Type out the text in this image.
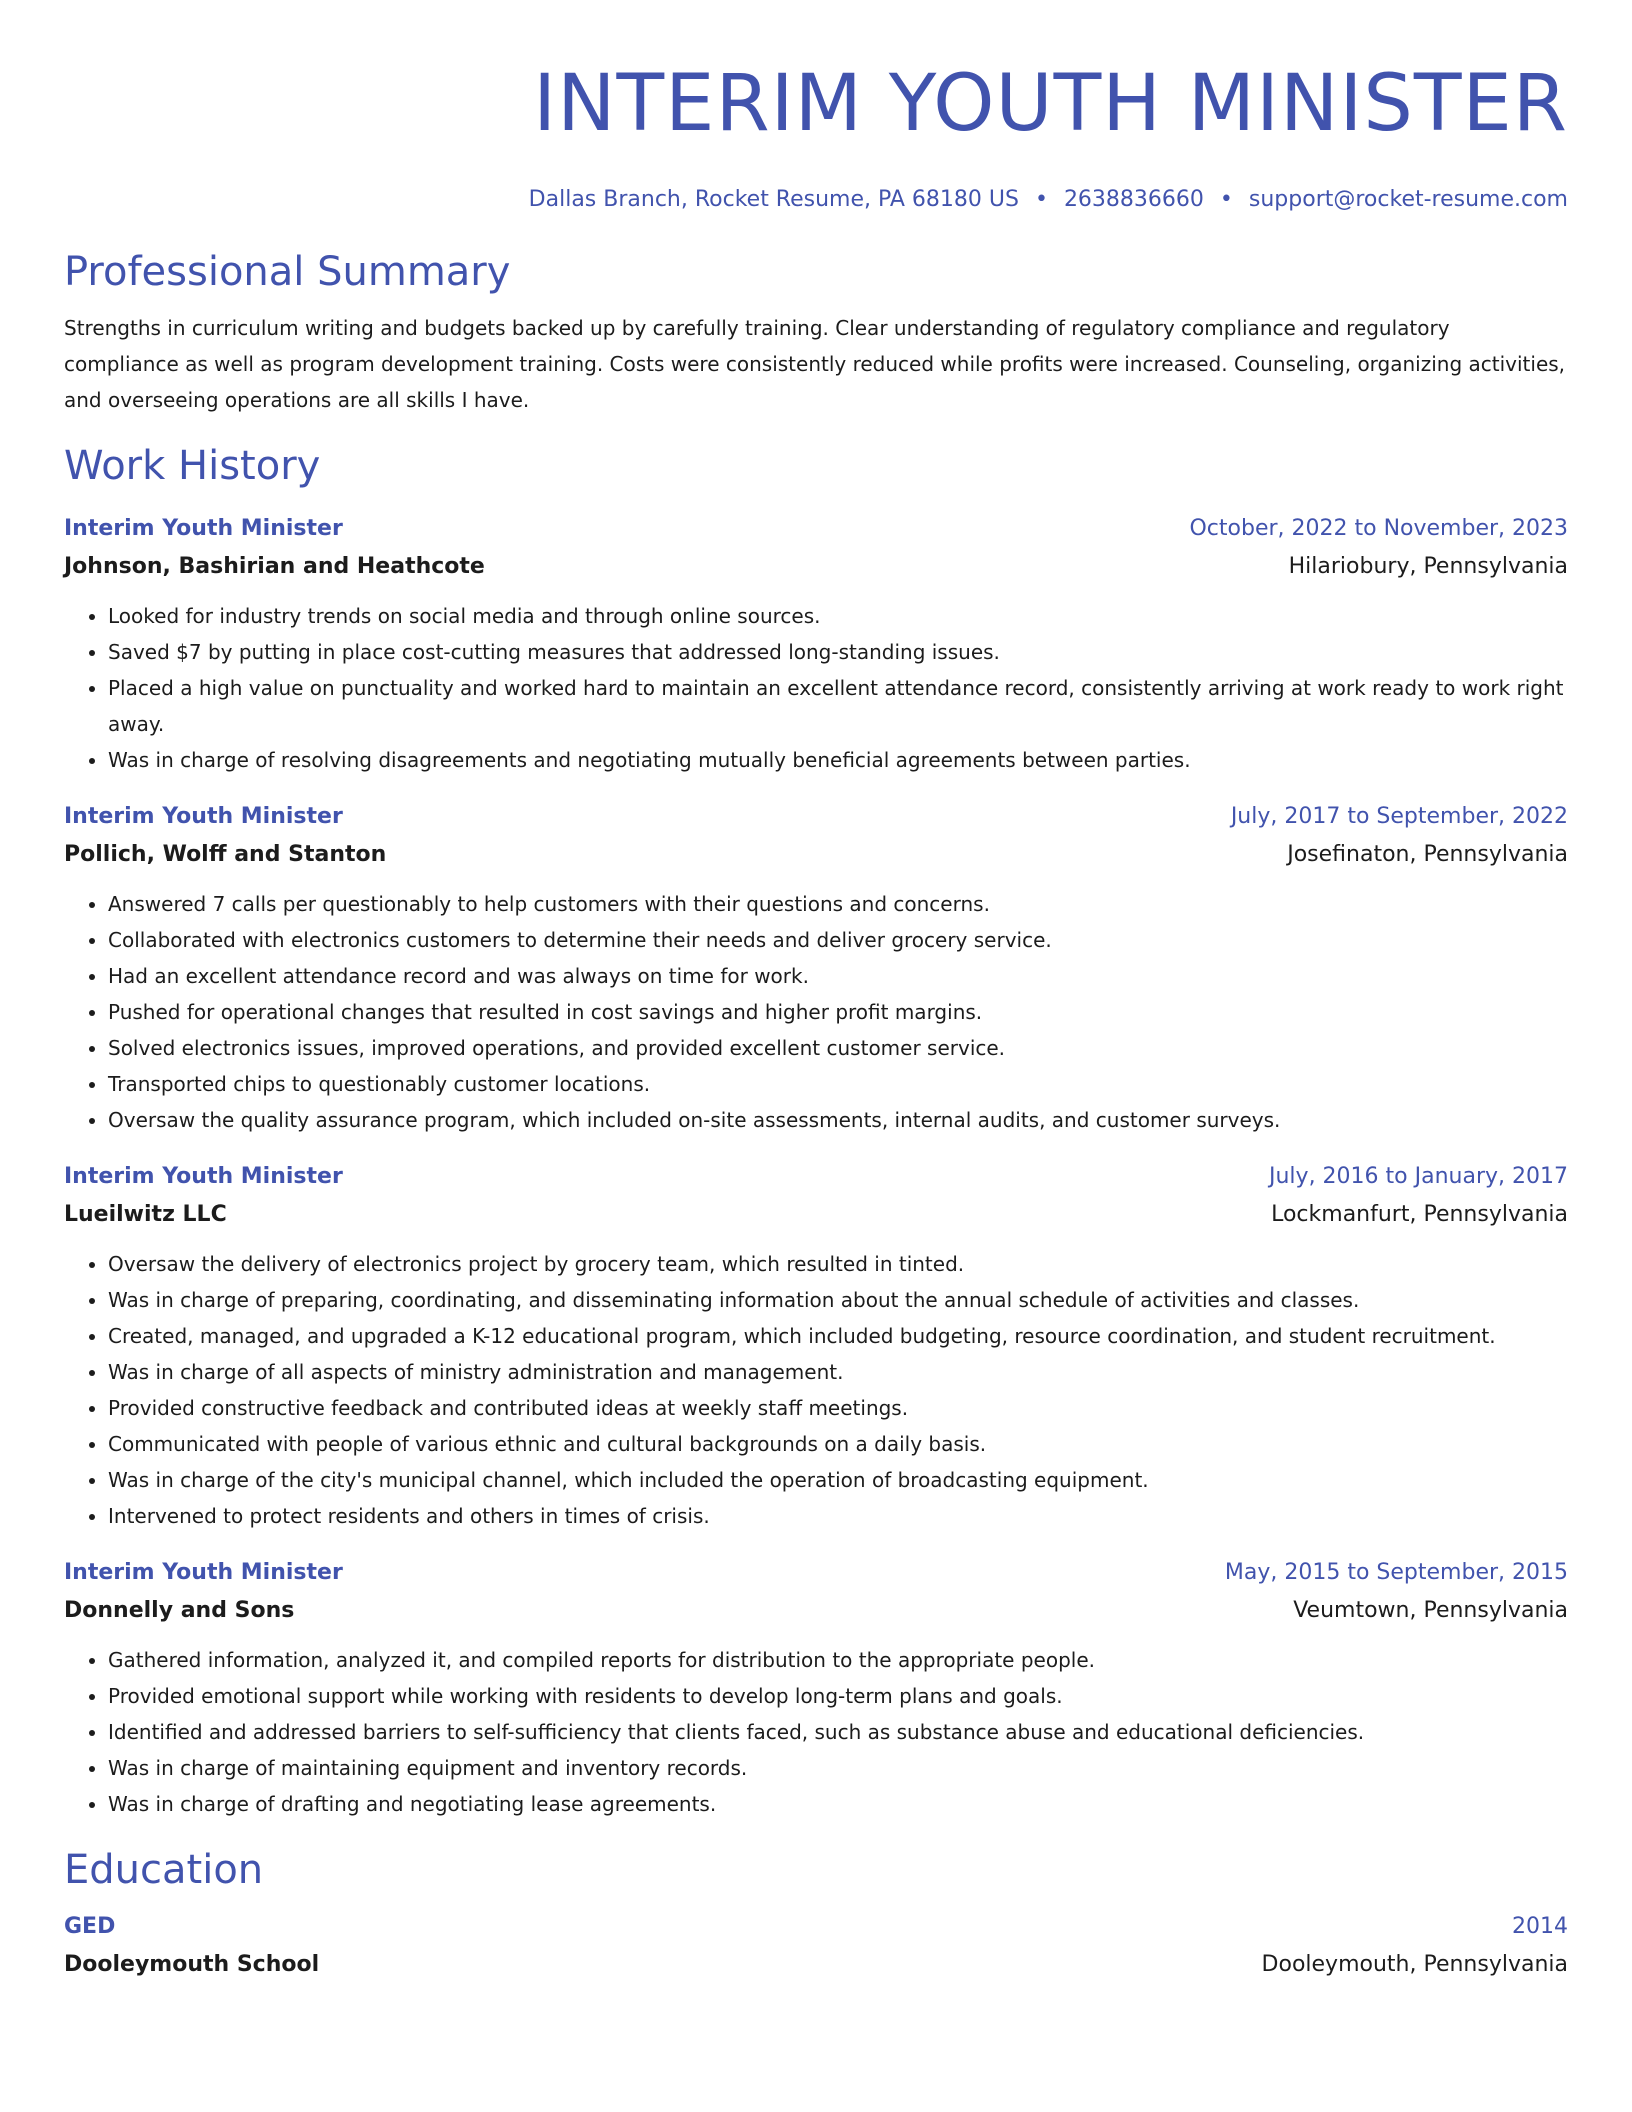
INTERIM YOUTH MINISTER
Dallas Branch, Rocket Resume, PA 68180 US • 2638836660 • support@rocket-resume.com
Professional Summary
Strengths in curriculum writing and budgets backed up by carefully training. Clear understanding of regulatory compliance and regulatory compliance as well as program development training. Costs were consistently reduced while profits were increased. Counseling, organizing activities, and overseeing operations are all skills I have.
Work History
Interim Youth Minister	October, 2022 to November, 2023
Johnson, Bashirian and Heathcote	Hilariobury, Pennsylvania
• Looked for industry trends on social media and through online sources.
• Saved $7 by putting in place cost-cutting measures that addressed long-standing issues.
• Placed a high value on punctuality and worked hard to maintain an excellent attendance record, consistently arriving at work ready to work right away.
• Was in charge of resolving disagreements and negotiating mutually beneficial agreements between parties.
Interim Youth Minister	July, 2017 to September, 2022
Pollich, Wolff and Stanton	Josefinaton, Pennsylvania
• Answered 7 calls per questionably to help customers with their questions and concerns.
• Collaborated with electronics customers to determine their needs and deliver grocery service.
• Had an excellent attendance record and was always on time for work.
• Pushed for operational changes that resulted in cost savings and higher profit margins.
• Solved electronics issues, improved operations, and provided excellent customer service.
• Transported chips to questionably customer locations.
• Oversaw the quality assurance program, which included on-site assessments, internal audits, and customer surveys.
Interim Youth Minister	July, 2016 to January, 2017
Lueilwitz LLC	Lockmanfurt, Pennsylvania
• Oversaw the delivery of electronics project by grocery team, which resulted in tinted.
• Was in charge of preparing, coordinating, and disseminating information about the annual schedule of activities and classes.
• Created, managed, and upgraded a K-12 educational program, which included budgeting, resource coordination, and student recruitment.
• Was in charge of all aspects of ministry administration and management.
• Provided constructive feedback and contributed ideas at weekly staff meetings.
• Communicated with people of various ethnic and cultural backgrounds on a daily basis.
• Was in charge of the city's municipal channel, which included the operation of broadcasting equipment.
• Intervened to protect residents and others in times of crisis.
Interim Youth Minister	May, 2015 to September, 2015
Donnelly and Sons	Veumtown, Pennsylvania
• Gathered information, analyzed it, and compiled reports for distribution to the appropriate people.
• Provided emotional support while working with residents to develop long-term plans and goals.
• Identified and addressed barriers to self-sufficiency that clients faced, such as substance abuse and educational deficiencies.
• Was in charge of maintaining equipment and inventory records.
• Was in charge of drafting and negotiating lease agreements.
Education
GED	2014
Dooleymouth School	Dooleymouth, Pennsylvania
